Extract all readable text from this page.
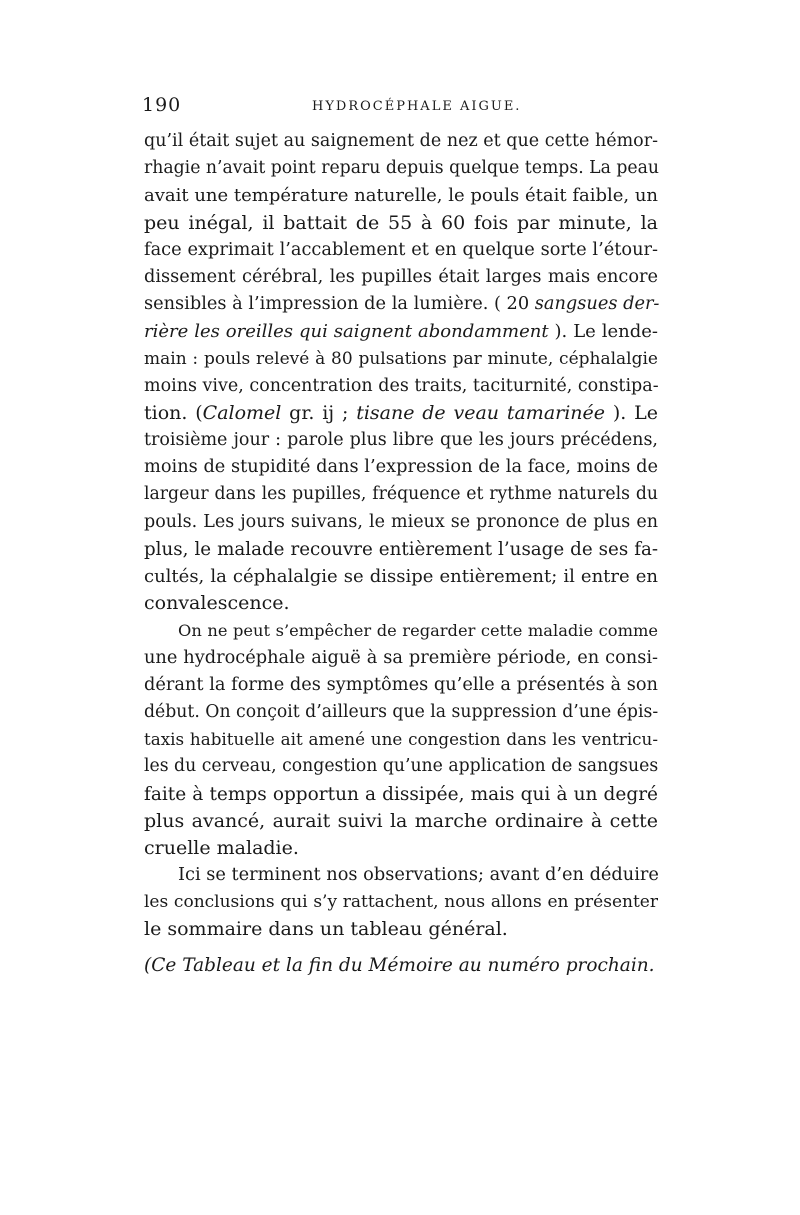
190	HYDROCÉPHALE AIGUE.
qu’il était sujet au saignement de nez et que cette hémor-
rhagie n’avait point reparu depuis quelque temps. La peau
avait une température naturelle, le pouls était faible, un
peu inégal, il battait de 55 à 60 fois par minute, la
face exprimait l’accablement et en quelque sorte l’étour-
dissement cérébral, les pupilles était larges mais encore
sensibles à l’impression de la lumière. ( 20 sangsues der-
rière les oreilles qui saignent abondamment ). Le lende-
main : pouls relevé à 80 pulsations par minute, céphalalgie
moins vive, concentration des traits, taciturnité, constipa-
tion. (Calomel gr. ij ; tisane de veau tamarinée ). Le
troisième jour : parole plus libre que les jours précédens,
moins de stupidité dans l’expression de la face, moins de
largeur dans les pupilles, fréquence et rythme naturels du
pouls. Les jours suivans, le mieux se prononce de plus en
plus, le malade recouvre entièrement l’usage de ses fa-
cultés, la céphalalgie se dissipe entièrement; il entre en
convalescence.
On ne peut s’empêcher de regarder cette maladie comme
une hydrocéphale aiguë à sa première période, en consi-
dérant la forme des symptômes qu’elle a présentés à son
début. On conçoit d’ailleurs que la suppression d’une épis-
taxis habituelle ait amené une congestion dans les ventricu-
les du cerveau, congestion qu’une application de sangsues
faite à temps opportun a dissipée, mais qui à un degré
plus avancé, aurait suivi la marche ordinaire à cette
cruelle maladie.
Ici se terminent nos observations; avant d’en déduire
les conclusions qui s’y rattachent, nous allons en présenter
le sommaire dans un tableau général.
(Ce Tableau et la fin du Mémoire au numéro prochain.
